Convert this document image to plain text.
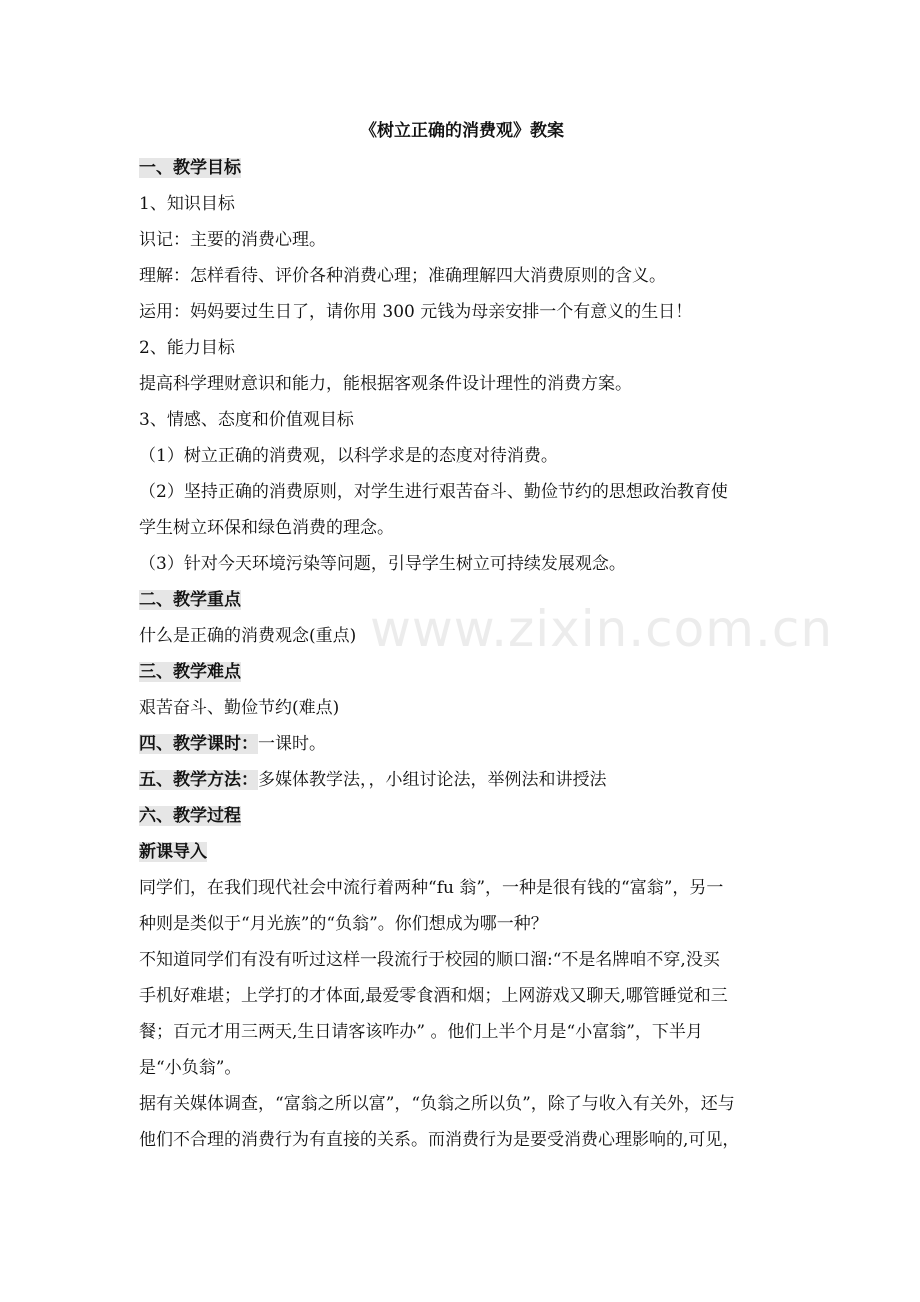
www.zixin.com.cn
《树立正确的消费观》教案
一、教学目标
1、知识目标
识记：主要的消费心理。
理解：怎样看待、评价各种消费心理；准确理解四大消费原则的含义。
运用：妈妈要过生日了，请你用 300 元钱为母亲安排一个有意义的生日！
2、能力目标
提高科学理财意识和能力，能根据客观条件设计理性的消费方案。
3、情感、态度和价值观目标
（1）树立正确的消费观，以科学求是的态度对待消费。
（2）坚持正确的消费原则，对学生进行艰苦奋斗、勤俭节约的思想政治教育使
学生树立环保和绿色消费的理念。
（3）针对今天环境污染等问题，引导学生树立可持续发展观念。
二、教学重点
什么是正确的消费观念(重点)
三、教学难点
艰苦奋斗、勤俭节约(难点)
四、教学课时：一课时。
五、教学方法：多媒体教学法，，小组讨论法，举例法和讲授法
六、教学过程
新课导入
同学们，在我们现代社会中流行着两种“fu 翁”，一种是很有钱的“富翁”，另一
种则是类似于“月光族”的“负翁”。你们想成为哪一种？
不知道同学们有没有听过这样一段流行于校园的顺口溜:“不是名牌咱不穿,没买
手机好难堪；上学打的才体面,最爱零食酒和烟；上网游戏又聊天,哪管睡觉和三
餐；百元才用三两天,生日请客该咋办” 。他们上半个月是“小富翁”，下半月
是“小负翁”。
据有关媒体调查，“富翁之所以富”，“负翁之所以负”，除了与收入有关外，还与
他们不合理的消费行为有直接的关系。而消费行为是要受消费心理影响的,可见，
